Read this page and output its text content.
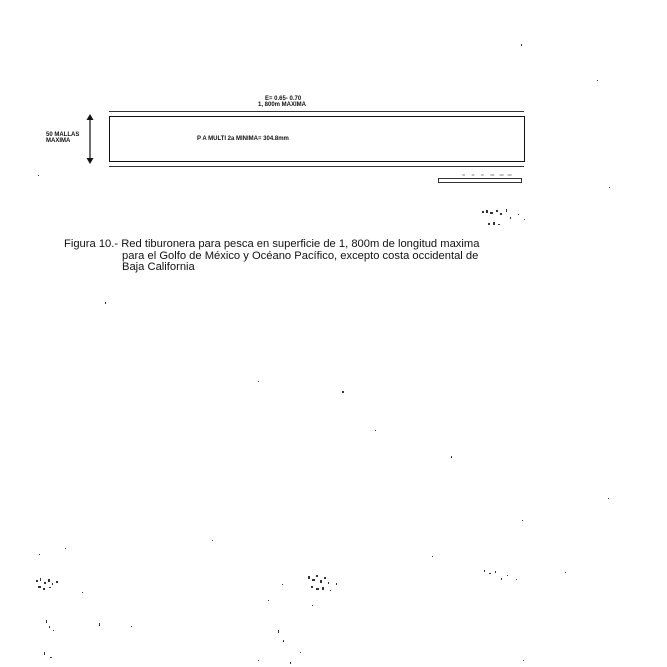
E= 0.65- 0.70
1, 800m MAXIMA
50 MALLAS
MAXIMA	P A MULTI 2a MINIMA= 304.8mm
Figura 10.- Red tiburonera para pesca en superficie de 1, 800m de longitud maxima
para el Golfo de México y Océano Pacífico, excepto costa occidental de
Baja California
